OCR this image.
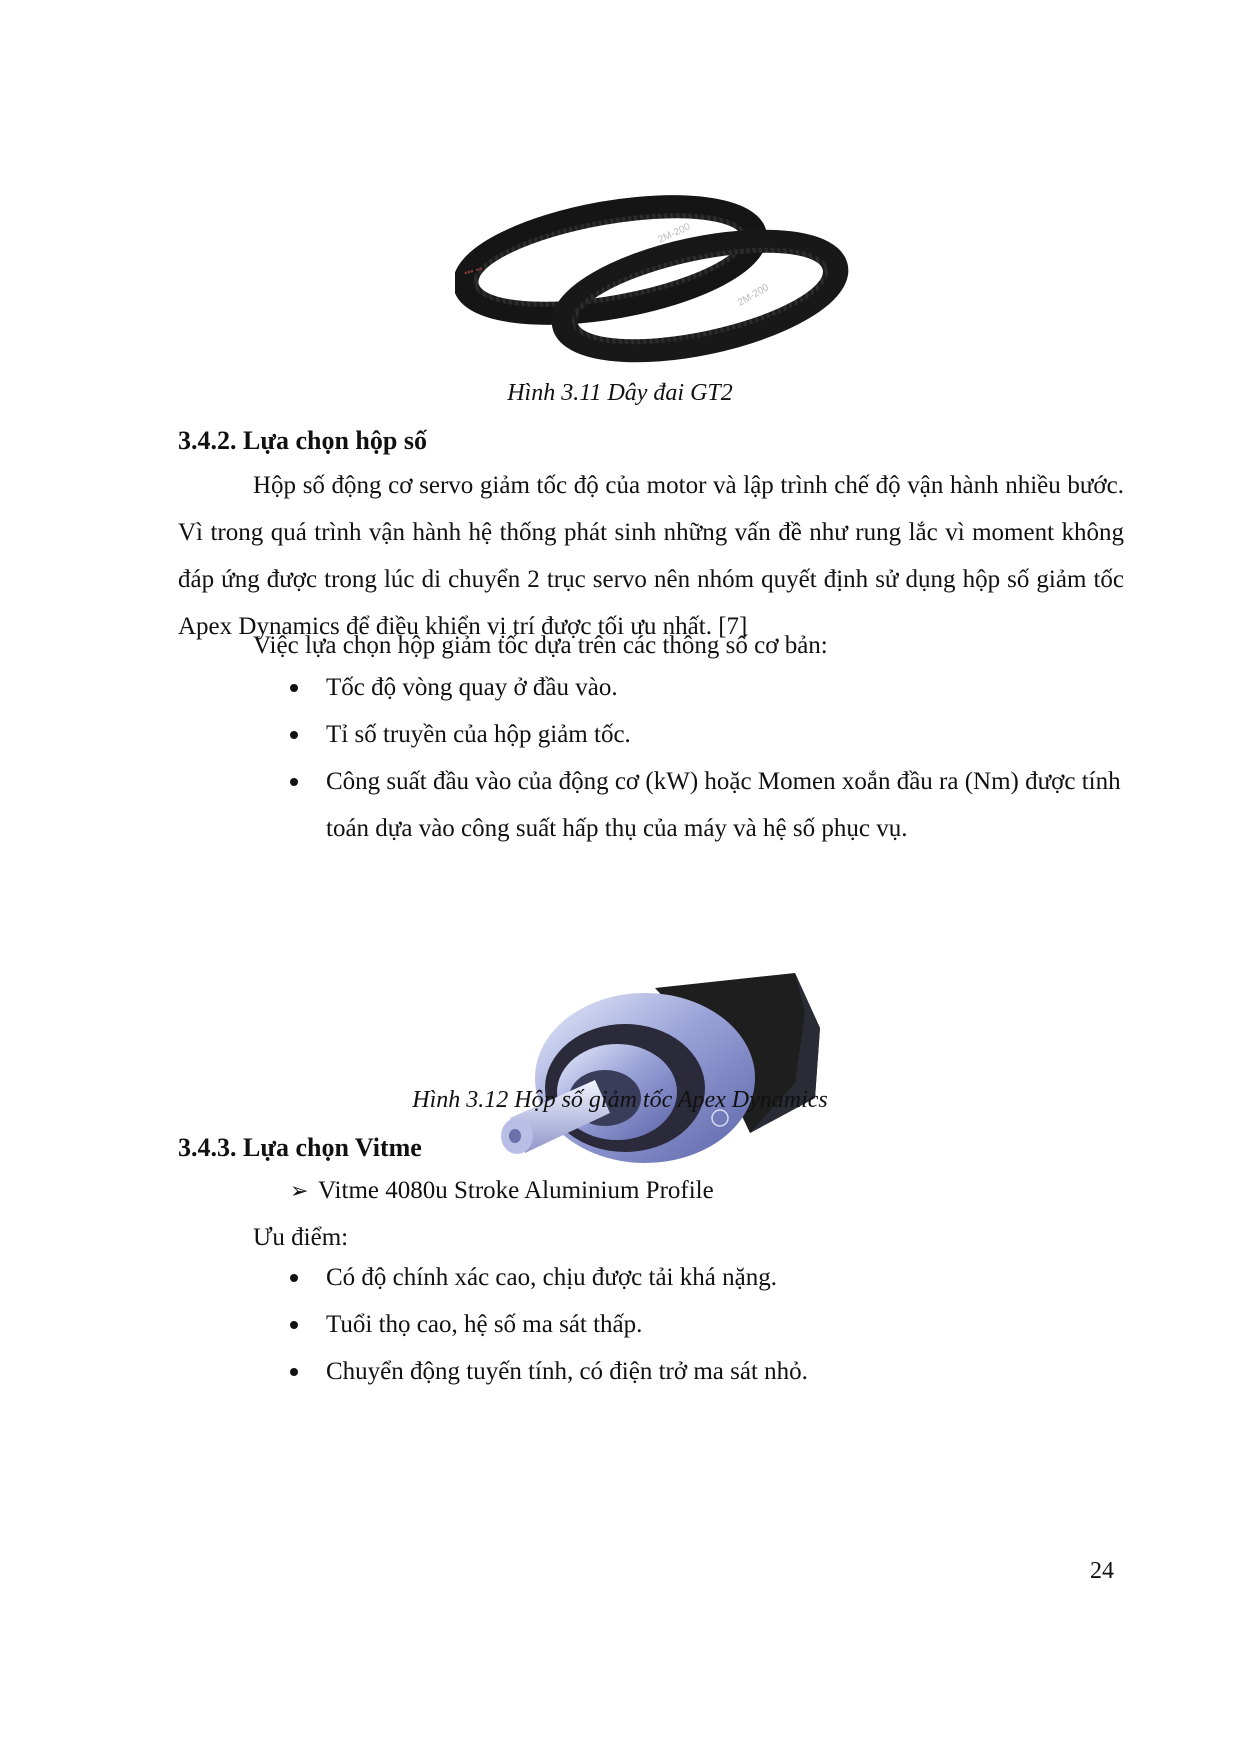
2M-200
2M-200
▪▪▪ ▪▪
Hình 3.11 Dây đai GT2
3.4.2. Lựa chọn hộp số

Hộp số động cơ servo giảm tốc độ của motor và lập trình chế độ vận hành nhiều bước. Vì trong quá trình vận hành hệ thống phát sinh những vấn đề như rung lắc vì moment không đáp ứng được trong lúc di chuyển 2 trục servo nên nhóm quyết định sử dụng hộp số giảm tốc Apex Dynamics để điều khiển vị trí được tối ưu nhất. [7]

Việc lựa chọn hộp giảm tốc dựa trên các thông số cơ bản:
Tốc độ vòng quay ở đầu vào.
Tỉ số truyền của hộp giảm tốc.
Công suất đầu vào của động cơ (kW) hoặc Momen xoắn đầu ra (Nm) được tính toán dựa vào công suất hấp thụ của máy và hệ số phục vụ.
Hình 3.12 Hộp số giảm tốc Apex Dynamics
3.4.3. Lựa chọn Vitme
➢ Vitme 4080u Stroke Aluminium Profile
Ưu điểm:
Có độ chính xác cao, chịu được tải khá nặng.
Tuổi thọ cao, hệ số ma sát thấp.
Chuyển động tuyến tính, có điện trở ma sát nhỏ.
24
